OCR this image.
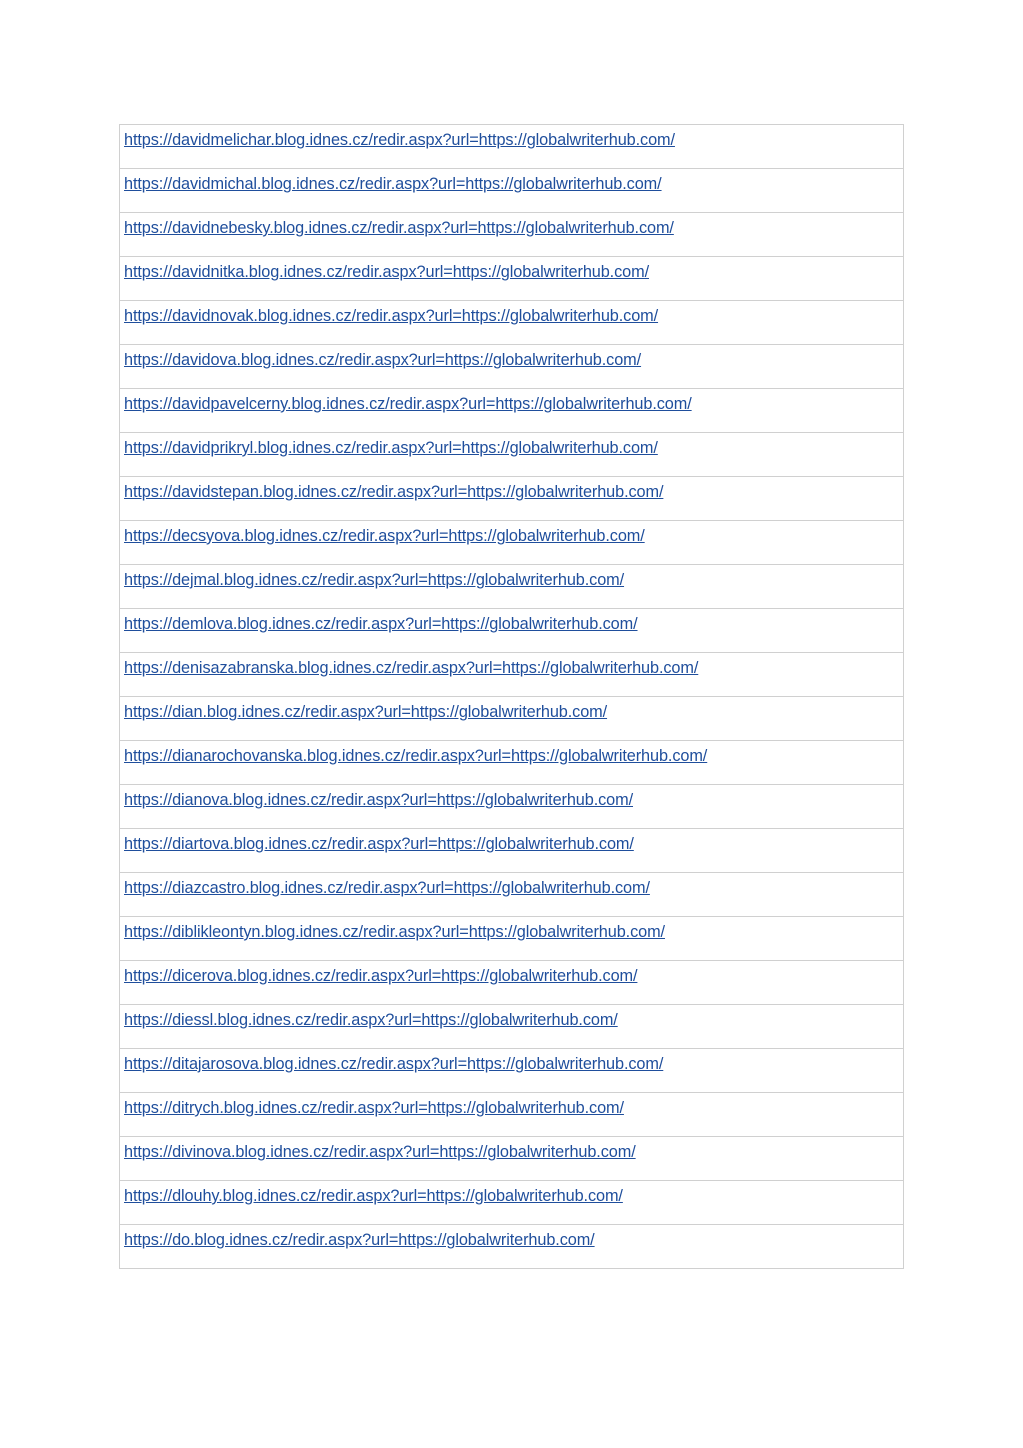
https://davidmelichar.blog.idnes.cz/redir.aspx?url=https://globalwriterhub.com/
https://davidmichal.blog.idnes.cz/redir.aspx?url=https://globalwriterhub.com/
https://davidnebesky.blog.idnes.cz/redir.aspx?url=https://globalwriterhub.com/
https://davidnitka.blog.idnes.cz/redir.aspx?url=https://globalwriterhub.com/
https://davidnovak.blog.idnes.cz/redir.aspx?url=https://globalwriterhub.com/
https://davidova.blog.idnes.cz/redir.aspx?url=https://globalwriterhub.com/
https://davidpavelcerny.blog.idnes.cz/redir.aspx?url=https://globalwriterhub.com/
https://davidprikryl.blog.idnes.cz/redir.aspx?url=https://globalwriterhub.com/
https://davidstepan.blog.idnes.cz/redir.aspx?url=https://globalwriterhub.com/
https://decsyova.blog.idnes.cz/redir.aspx?url=https://globalwriterhub.com/
https://dejmal.blog.idnes.cz/redir.aspx?url=https://globalwriterhub.com/
https://demlova.blog.idnes.cz/redir.aspx?url=https://globalwriterhub.com/
https://denisazabranska.blog.idnes.cz/redir.aspx?url=https://globalwriterhub.com/
https://dian.blog.idnes.cz/redir.aspx?url=https://globalwriterhub.com/
https://dianarochovanska.blog.idnes.cz/redir.aspx?url=https://globalwriterhub.com/
https://dianova.blog.idnes.cz/redir.aspx?url=https://globalwriterhub.com/
https://diartova.blog.idnes.cz/redir.aspx?url=https://globalwriterhub.com/
https://diazcastro.blog.idnes.cz/redir.aspx?url=https://globalwriterhub.com/
https://diblikleontyn.blog.idnes.cz/redir.aspx?url=https://globalwriterhub.com/
https://dicerova.blog.idnes.cz/redir.aspx?url=https://globalwriterhub.com/
https://diessl.blog.idnes.cz/redir.aspx?url=https://globalwriterhub.com/
https://ditajarosova.blog.idnes.cz/redir.aspx?url=https://globalwriterhub.com/
https://ditrych.blog.idnes.cz/redir.aspx?url=https://globalwriterhub.com/
https://divinova.blog.idnes.cz/redir.aspx?url=https://globalwriterhub.com/
https://dlouhy.blog.idnes.cz/redir.aspx?url=https://globalwriterhub.com/
https://do.blog.idnes.cz/redir.aspx?url=https://globalwriterhub.com/
